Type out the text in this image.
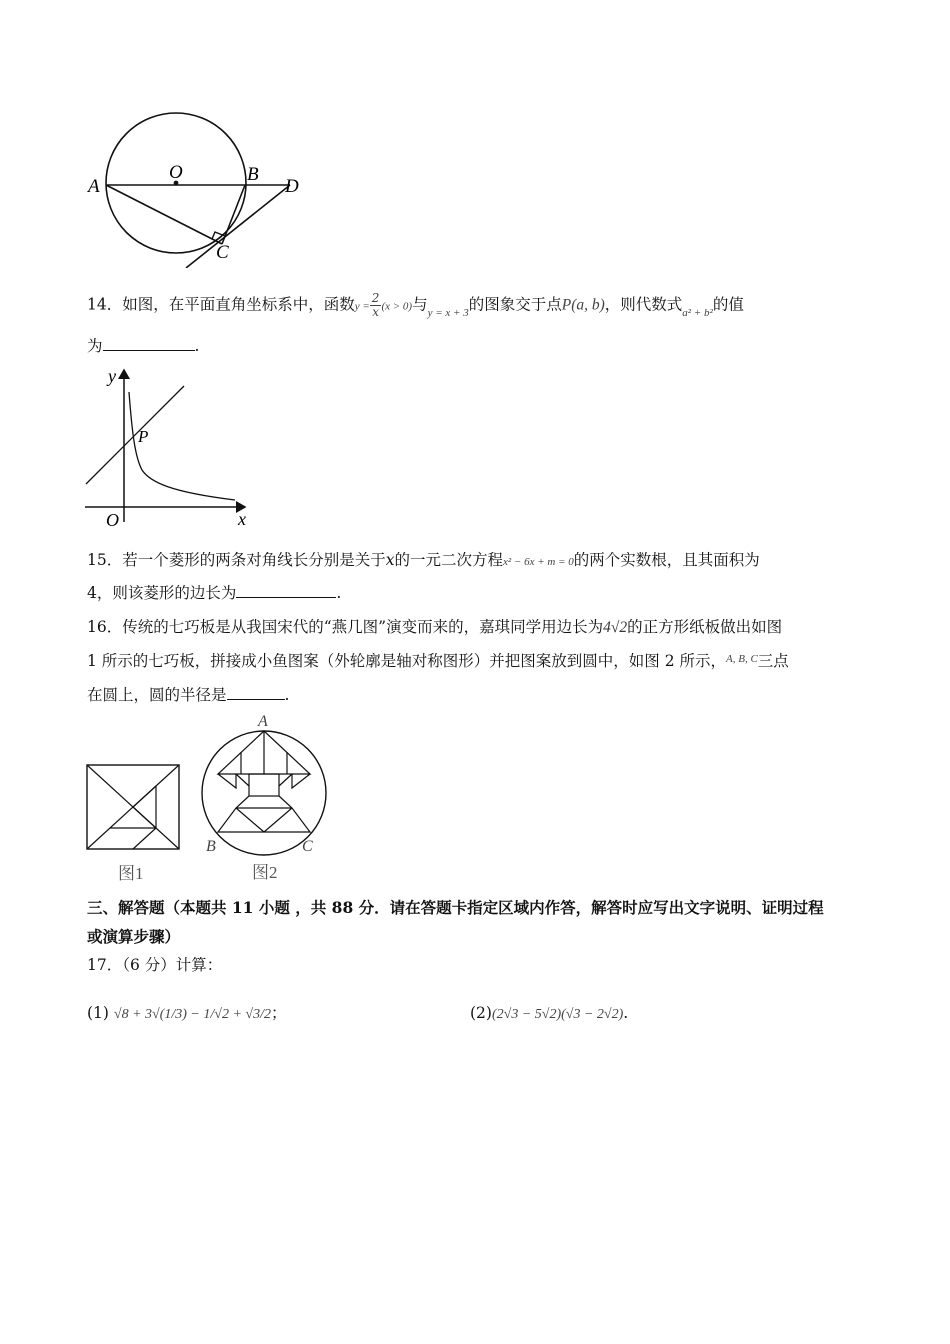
A
O	B
D
C
14．如图，在平面直角坐标系中，函数$y = \frac{2}{x} (x > 0)$与$_{y = x + 3}$的图象交于点P(a, b)，则代数式$_{a^2 + b^2}$的值
为	.
y
x
O
P
15．若一个菱形的两条对角线长分别是关于x的一元二次方程x² − 6x + m = 0的两个实数根，且其面积为
4，则该菱形的边长为	.
16．传统的七巧板是从我国宋代的“燕几图”演变而来的，嘉琪同学用边长为4√2的正方形纸板做出如图
1 所示的七巧板，拼接成小鱼图案（外轮廓是轴对称图形）并把图案放到圆中，如图 2 所示，$^{A, B, C}$三点
在圆上，圆的半径是	.
图1
A
B	C
图2
三、解答题（本题共 11 小题 ，共 88 分．请在答题卡指定区域内作答，解答时应写出文字说明、证明过程
或演算步骤）
17．（6 分）计算：
(1) √8 + 3√(1/3) − 1/√2 + √3/2；	(2)(2√3 − 5√2)(√3 − 2√2).
